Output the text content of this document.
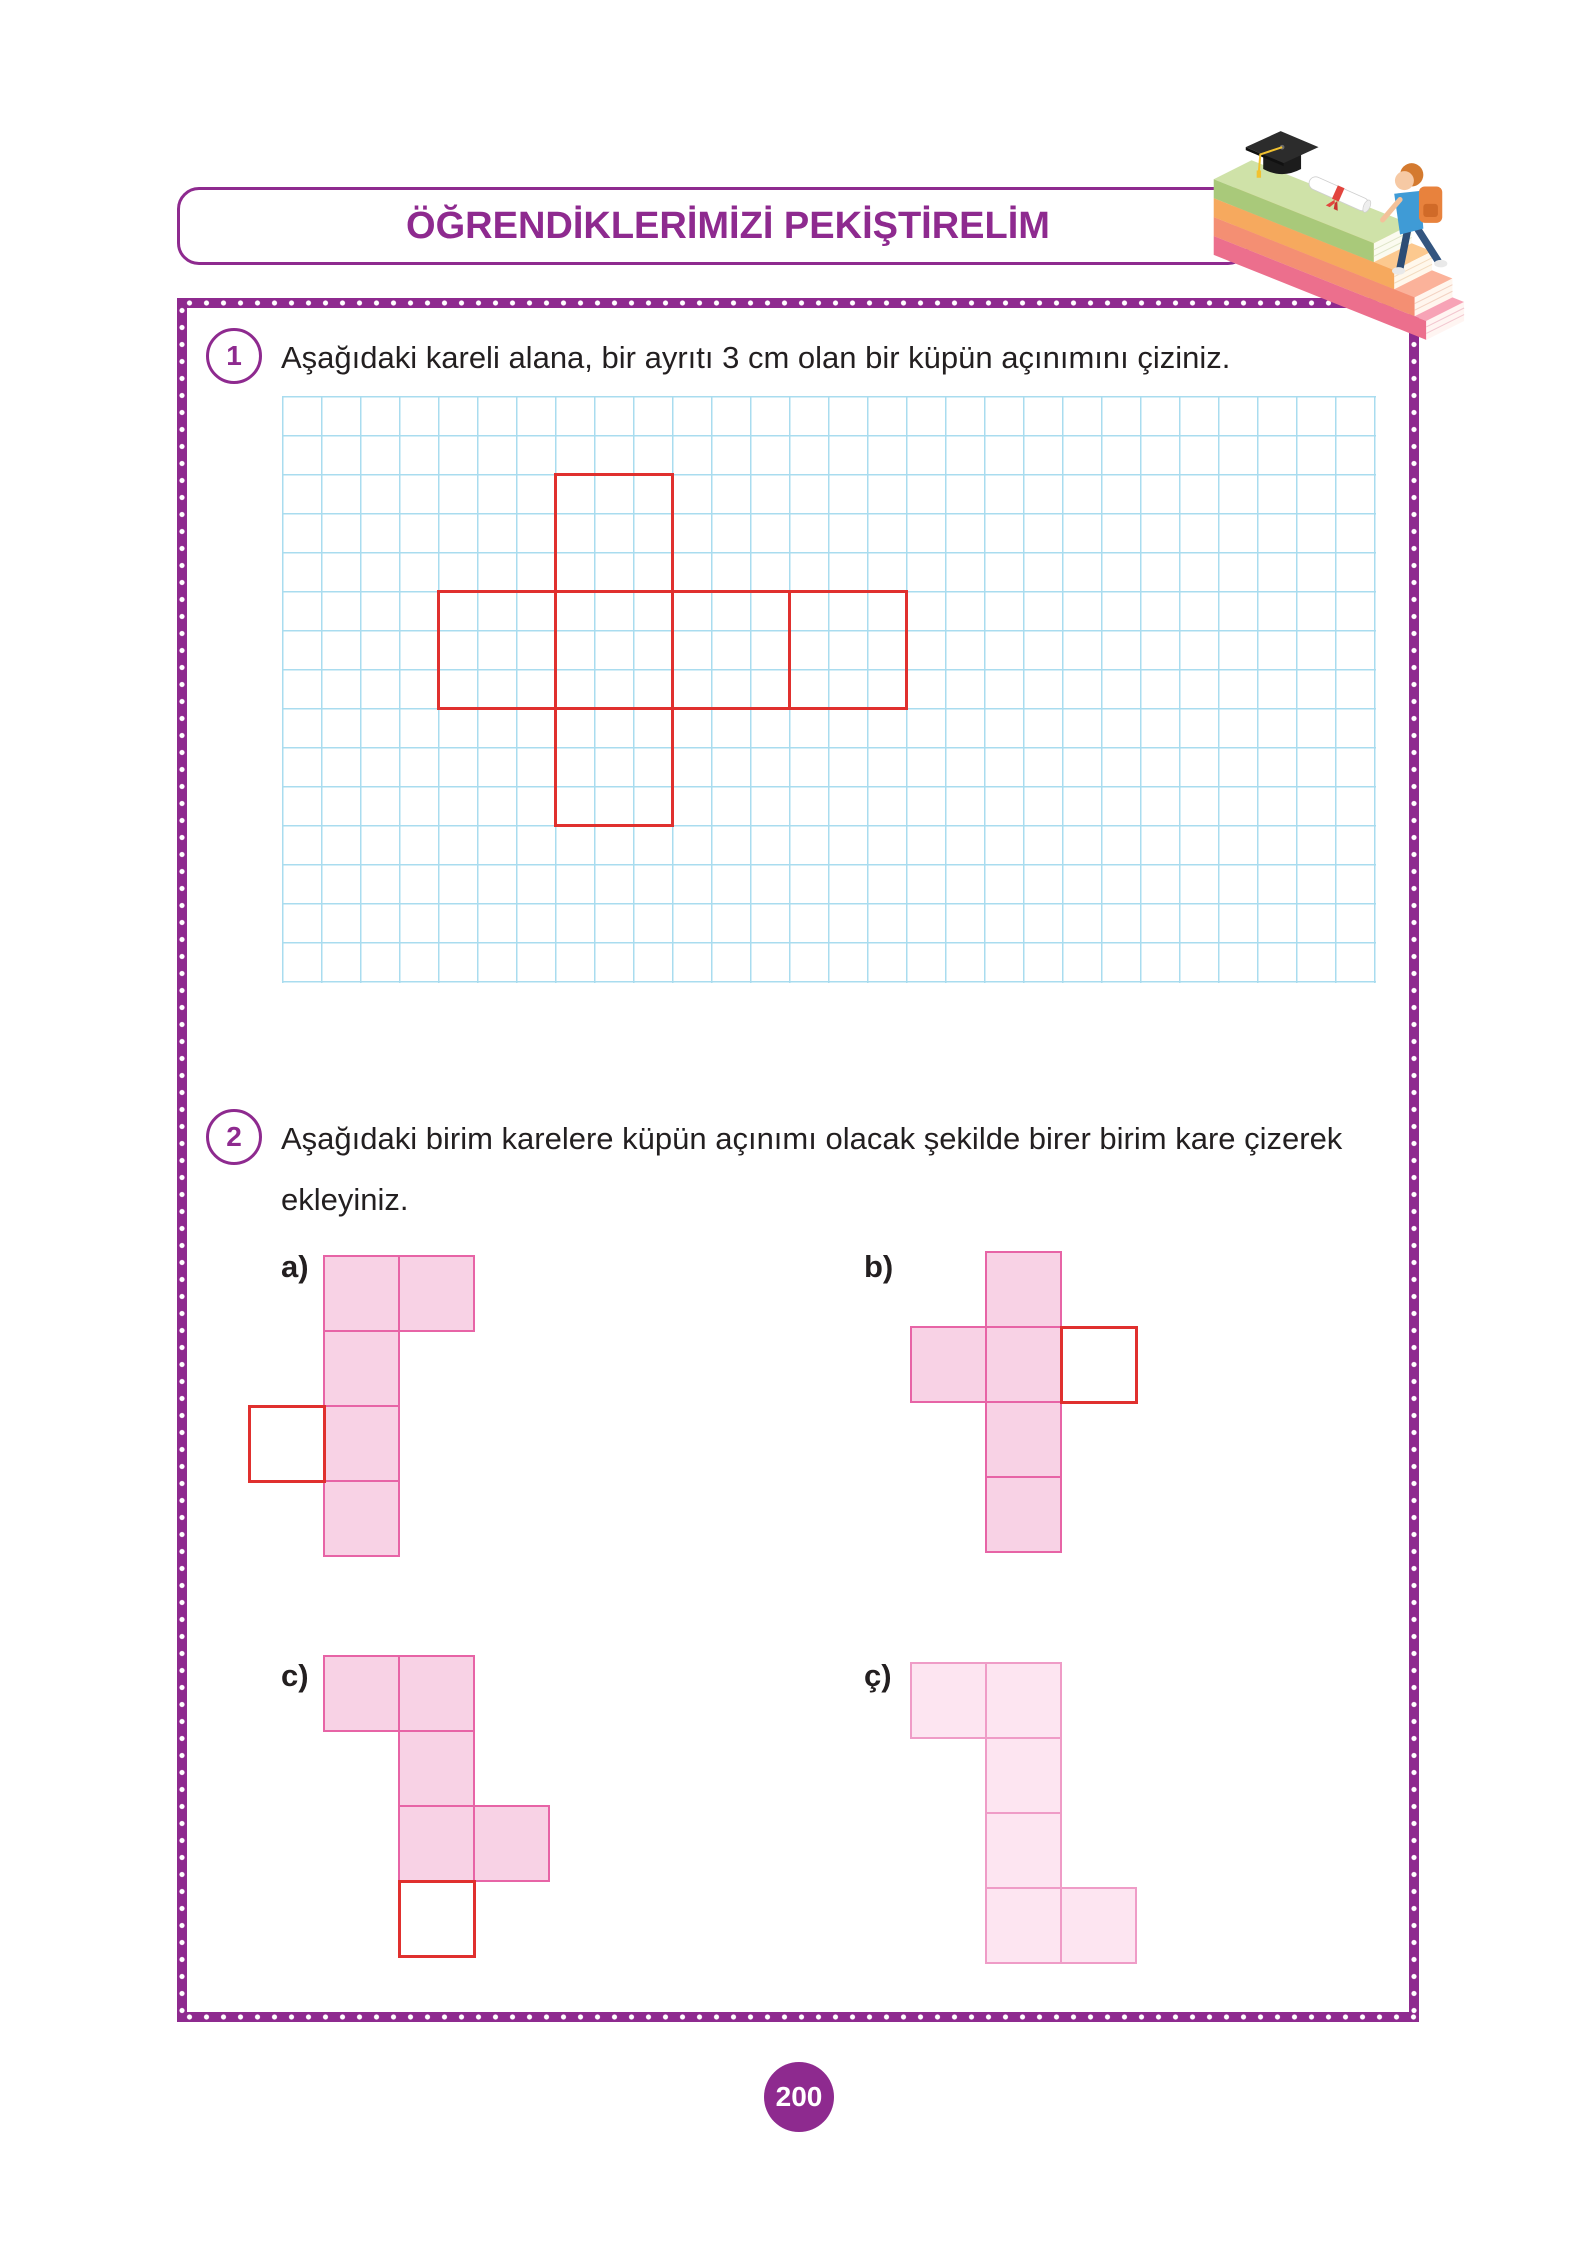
ÖĞRENDİKLERİMİZİ PEKİŞTİRELİM
1	Aşağıdaki kareli alana, bir ayrıtı 3 cm olan bir küpün açınımını çiziniz.
2	Aşağıdaki birim karelere küpün açınımı olacak şekilde birer birim kare çizerek
ekleyiniz.
a)	b)
c)	ç)
200
